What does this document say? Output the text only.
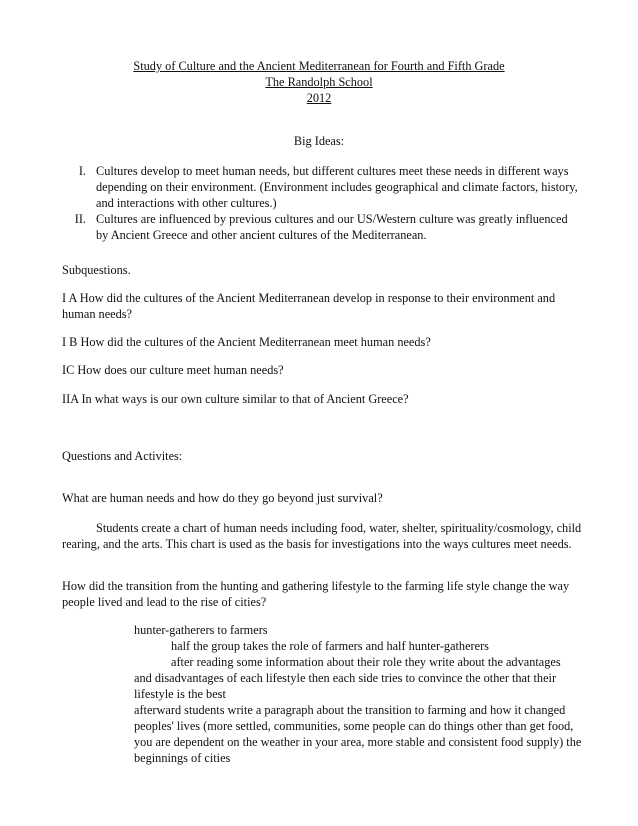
Study of Culture and the Ancient Mediterranean for Fourth and Fifth Grade
The Randolph School
2012
Big Ideas:
I. Cultures develop to meet human needs, but different cultures meet these needs in different ways depending on their environment. (Environment includes geographical and climate factors, history, and interactions with other cultures.)
II. Cultures are influenced by previous cultures and our US/Western culture was greatly influenced by Ancient Greece and other ancient cultures of the Mediterranean.
Subquestions.
I A How did the cultures of the Ancient Mediterranean develop in response to their environment and human needs?
I B How did the cultures of the Ancient Mediterranean meet human needs?
IC How does our culture meet human needs?
IIA In what ways is our own culture similar to that of Ancient Greece?
Questions and Activites:
What are human needs and how do they go beyond just survival?
Students create a chart of human needs including food, water, shelter, spirituality/cosmology, child rearing, and the arts. This chart is used as the basis for investigations into the ways cultures meet needs.
How did the transition from the hunting and gathering lifestyle to the farming life style change the way people lived and lead to the rise of cities?
hunter-gatherers to farmers
half the group takes the role of farmers and half hunter-gatherers
after reading some information about their role they write about the advantages
and disadvantages of each lifestyle then each side tries to convince the other that their lifestyle is the best
afterward students write a paragraph about the transition to farming and how it changed peoples' lives (more settled, communities, some people can do things other than get food, you are dependent on the weather in your area, more stable and consistent food supply) the beginnings of cities
